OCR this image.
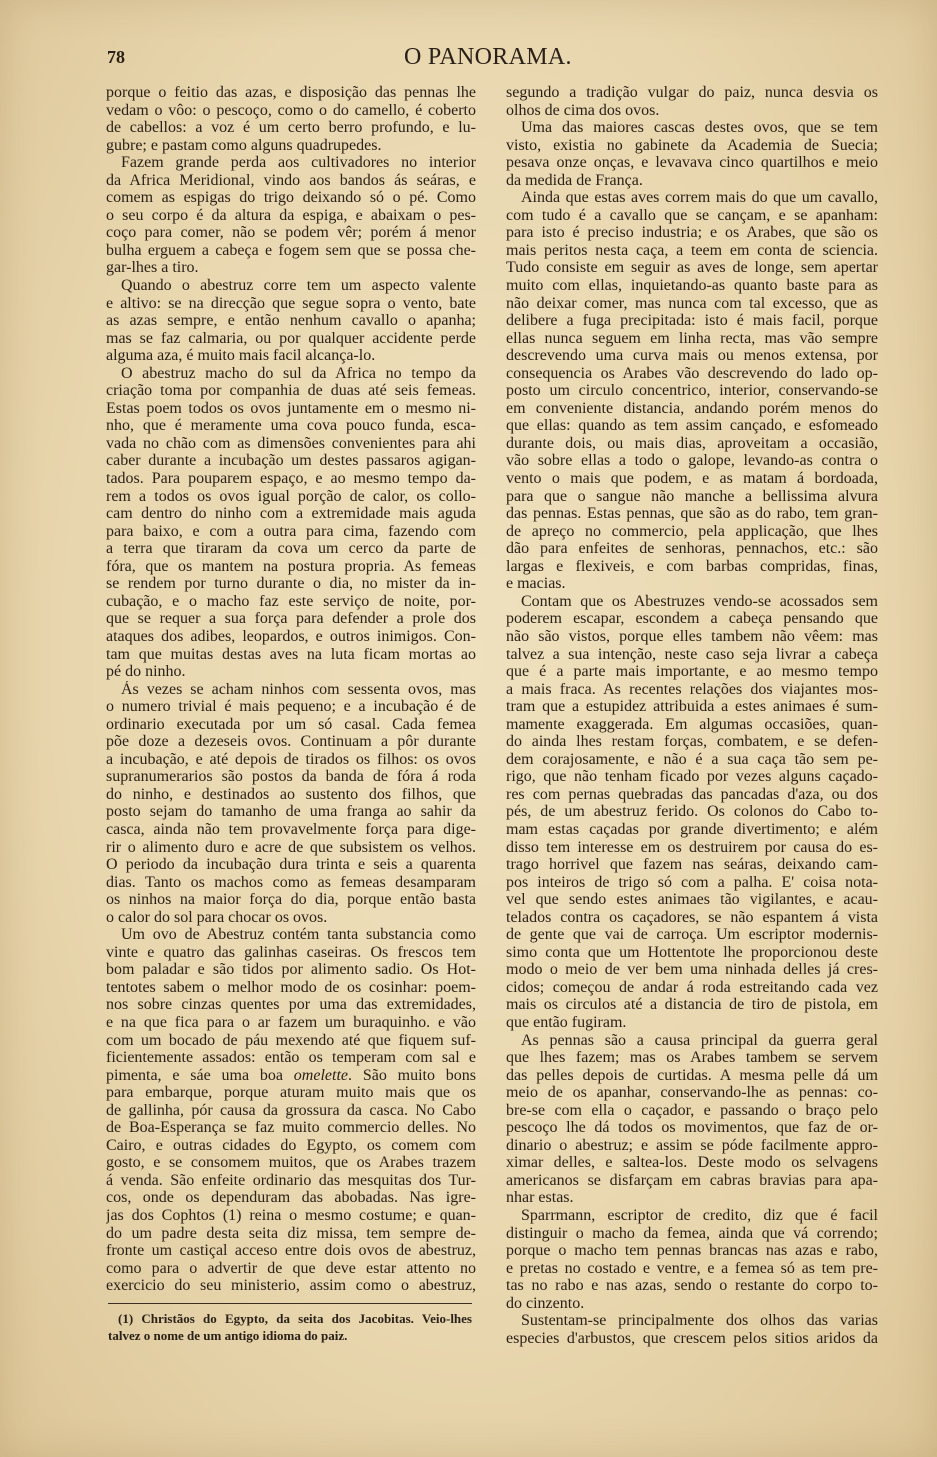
78	O PANORAMA.
porque o feitio das azas, e disposição das pennas lhe
vedam o vôo: o pescoço, como o do camello, é coberto
de cabellos: a voz é um certo berro profundo, e lu-
gubre; e pastam como alguns quadrupedes.
Fazem grande perda aos cultivadores no interior
da Africa Meridional, vindo aos bandos ás seáras, e
comem as espigas do trigo deixando só o pé. Como
o seu corpo é da altura da espiga, e abaixam o pes-
coço para comer, não se podem vêr; porém á menor
bulha erguem a cabeça e fogem sem que se possa che-
gar-lhes a tiro.
Quando o abestruz corre tem um aspecto valente
e altivo: se na direcção que segue sopra o vento, bate
as azas sempre, e então nenhum cavallo o apanha;
mas se faz calmaria, ou por qualquer accidente perde
alguma aza, é muito mais facil alcança-lo.
O abestruz macho do sul da Africa no tempo da
criação toma por companhia de duas até seis femeas.
Estas poem todos os ovos juntamente em o mesmo ni-
nho, que é meramente uma cova pouco funda, esca-
vada no chão com as dimensões convenientes para ahi
caber durante a incubação um destes passaros agigan-
tados. Para pouparem espaço, e ao mesmo tempo da-
rem a todos os ovos igual porção de calor, os collo-
cam dentro do ninho com a extremidade mais aguda
para baixo, e com a outra para cima, fazendo com
a terra que tiraram da cova um cerco da parte de
fóra, que os mantem na postura propria. As femeas
se rendem por turno durante o dia, no mister da in-
cubação, e o macho faz este serviço de noite, por-
que se requer a sua força para defender a prole dos
ataques dos adibes, leopardos, e outros inimigos. Con-
tam que muitas destas aves na luta ficam mortas ao
pé do ninho.
Ás vezes se acham ninhos com sessenta ovos, mas
o numero trivial é mais pequeno; e a incubação é de
ordinario executada por um só casal. Cada femea
põe doze a dezeseis ovos. Continuam a pôr durante
a incubação, e até depois de tirados os filhos: os ovos
supranumerarios são postos da banda de fóra á roda
do ninho, e destinados ao sustento dos filhos, que
posto sejam do tamanho de uma franga ao sahir da
casca, ainda não tem provavelmente força para dige-
rir o alimento duro e acre de que subsistem os velhos.
O periodo da incubação dura trinta e seis a quarenta
dias. Tanto os machos como as femeas desamparam
os ninhos na maior força do dia, porque então basta
o calor do sol para chocar os ovos.
Um ovo de Abestruz contém tanta substancia como
vinte e quatro das galinhas caseiras. Os frescos tem
bom paladar e são tidos por alimento sadio. Os Hot-
tentotes sabem o melhor modo de os cosinhar: poem-
nos sobre cinzas quentes por uma das extremidades,
e na que fica para o ar fazem um buraquinho. e vão
com um bocado de páu mexendo até que fiquem suf-
ficientemente assados: então os temperam com sal e
pimenta, e sáe uma boa omelette. São muito bons
para embarque, porque aturam muito mais que os
de gallinha, pór causa da grossura da casca. No Cabo
de Boa-Esperança se faz muito commercio delles. No
Cairo, e outras cidades do Egypto, os comem com
gosto, e se consomem muitos, que os Arabes trazem
á venda. São enfeite ordinario das mesquitas dos Tur-
cos, onde os dependuram das abobadas. Nas igre-
jas dos Cophtos (1) reina o mesmo costume; e quan-
do um padre desta seita diz missa, tem sempre de-
fronte um castiçal acceso entre dois ovos de abestruz,
como para o advertir de que deve estar attento no
exercicio do seu ministerio, assim como o abestruz,
segundo a tradição vulgar do paiz, nunca desvia os
olhos de cima dos ovos.
Uma das maiores cascas destes ovos, que se tem
visto, existia no gabinete da Academia de Suecia;
pesava onze onças, e levavava cinco quartilhos e meio
da medida de França.
Ainda que estas aves correm mais do que um cavallo,
com tudo é a cavallo que se cançam, e se apanham:
para isto é preciso industria; e os Arabes, que são os
mais peritos nesta caça, a teem em conta de sciencia.
Tudo consiste em seguir as aves de longe, sem apertar
muito com ellas, inquietando-as quanto baste para as
não deixar comer, mas nunca com tal excesso, que as
delibere a fuga precipitada: isto é mais facil, porque
ellas nunca seguem em linha recta, mas vão sempre
descrevendo uma curva mais ou menos extensa, por
consequencia os Arabes vão descrevendo do lado op-
posto um circulo concentrico, interior, conservando-se
em conveniente distancia, andando porém menos do
que ellas: quando as tem assim cançado, e esfomeado
durante dois, ou mais dias, aproveitam a occasião,
vão sobre ellas a todo o galope, levando-as contra o
vento o mais que podem, e as matam á bordoada,
para que o sangue não manche a bellissima alvura
das pennas. Estas pennas, que são as do rabo, tem gran-
de apreço no commercio, pela applicação, que lhes
dão para enfeites de senhoras, pennachos, etc.: são
largas e flexiveis, e com barbas compridas, finas,
e macias.
Contam que os Abestruzes vendo-se acossados sem
poderem escapar, escondem a cabeça pensando que
não são vistos, porque elles tambem não vêem: mas
talvez a sua intenção, neste caso seja livrar a cabeça
que é a parte mais importante, e ao mesmo tempo
a mais fraca. As recentes relações dos viajantes mos-
tram que a estupidez attribuida a estes animaes é sum-
mamente exaggerada. Em algumas occasiões, quan-
do ainda lhes restam forças, combatem, e se defen-
dem corajosamente, e não é a sua caça tão sem pe-
rigo, que não tenham ficado por vezes alguns caçado-
res com pernas quebradas das pancadas d'aza, ou dos
pés, de um abestruz ferido. Os colonos do Cabo to-
mam estas caçadas por grande divertimento; e além
disso tem interesse em os destruirem por causa do es-
trago horrivel que fazem nas seáras, deixando cam-
pos inteiros de trigo só com a palha. E' coisa nota-
vel que sendo estes animaes tão vigilantes, e acau-
telados contra os caçadores, se não espantem á vista
de gente que vai de carroça. Um escriptor modernis-
simo conta que um Hottentote lhe proporcionou deste
modo o meio de ver bem uma ninhada delles já cres-
cidos; começou de andar á roda estreitando cada vez
mais os circulos até a distancia de tiro de pistola, em
que então fugiram.
As pennas são a causa principal da guerra geral
que lhes fazem; mas os Arabes tambem se servem
das pelles depois de curtidas. A mesma pelle dá um
meio de os apanhar, conservando-lhe as pennas: co-
bre-se com ella o caçador, e passando o braço pelo
pescoço lhe dá todos os movimentos, que faz de or-
dinario o abestruz; e assim se póde facilmente appro-
ximar delles, e saltea-los. Deste modo os selvagens
americanos se disfarçam em cabras bravias para apa-
nhar estas.
Sparrmann, escriptor de credito, diz que é facil
distinguir o macho da femea, ainda que vá correndo;
porque o macho tem pennas brancas nas azas e rabo,
e pretas no costado e ventre, e a femea só as tem pre-
tas no rabo e nas azas, sendo o restante do corpo to-
do cinzento.
Sustentam-se principalmente dos olhos das varias
especies d'arbustos, que crescem pelos sitios aridos da
(1) Christãos do Egypto, da seita dos Jacobitas. Veio-lhes
talvez o nome de um antigo idioma do paiz.
